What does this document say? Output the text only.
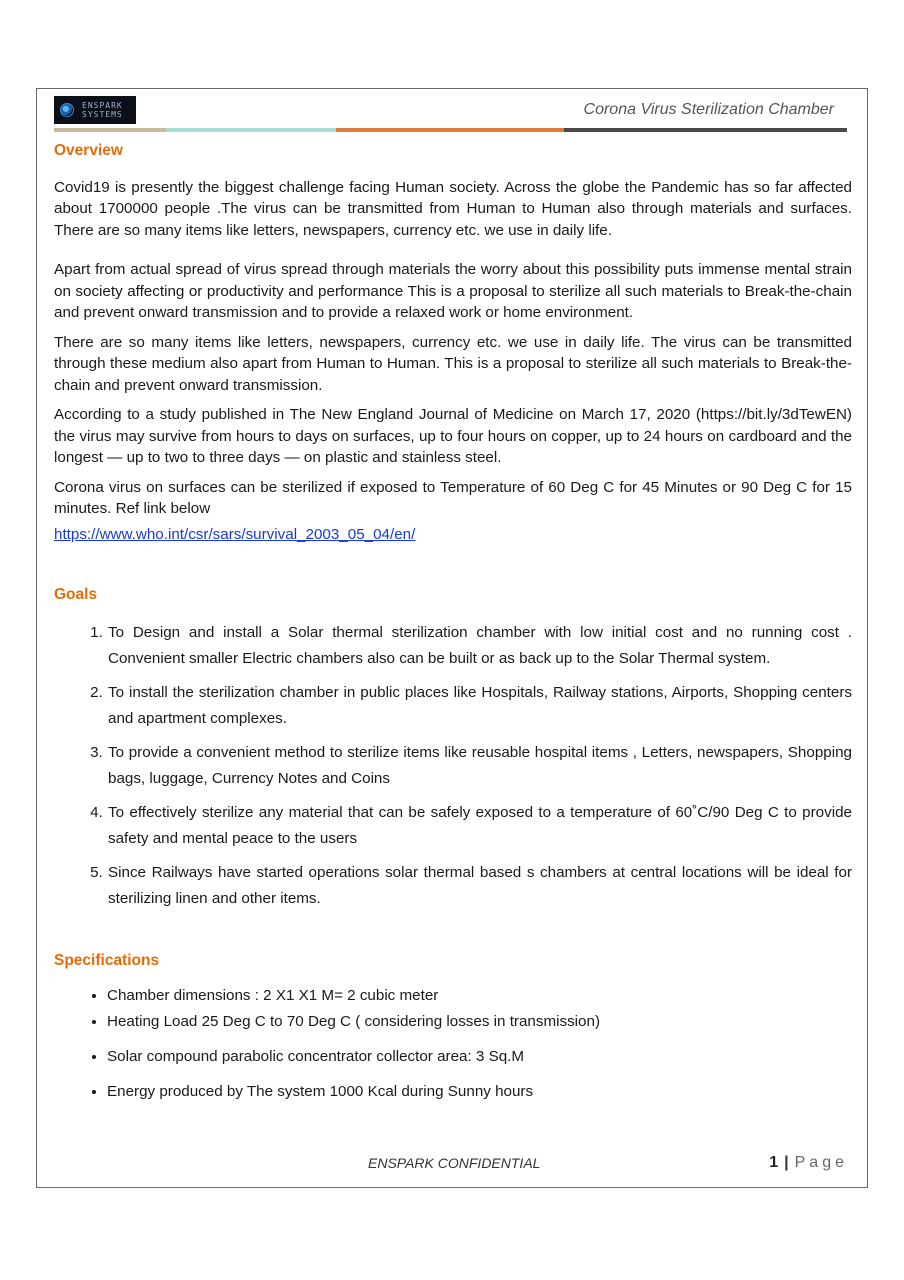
ENSPARK
SYSTEMS	Corona Virus Sterilization Chamber
Overview

Covid19 is presently the biggest challenge facing Human society. Across the globe the Pandemic has so far affected about 1700000 people .The virus can be transmitted from Human to Human also through materials and surfaces. There are so many items like letters, newspapers, currency etc. we use in daily life.

Apart from actual spread of virus spread through materials the worry about this possibility puts immense mental strain on society affecting or productivity and performance This is a proposal to sterilize all such materials to Break-the-chain and prevent onward transmission and to provide a relaxed work or home environment.

There are so many items like letters, newspapers, currency etc. we use in daily life. The virus can be transmitted through these medium also apart from Human to Human. This is a proposal to sterilize all such materials to Break-the-chain and prevent onward transmission.

According to a study published in The New England Journal of Medicine on March 17, 2020 (https://bit.ly/3dTewEN) the virus may survive from hours to days on surfaces, up to four hours on copper, up to 24 hours on cardboard and the longest — up to two to three days — on plastic and stainless steel.

Corona virus on surfaces can be sterilized if exposed to Temperature of 60 Deg C for 45 Minutes or 90 Deg C for 15 minutes. Ref link below

https://www.who.int/csr/sars/survival_2003_05_04/en/

Goals
1. To Design and install a Solar thermal sterilization chamber with low initial cost and no running cost . Convenient smaller Electric chambers also can be built or as back up to the Solar Thermal system.
2. To install the sterilization chamber in public places like Hospitals, Railway stations, Airports, Shopping centers and apartment complexes.
3. To provide a convenient method to sterilize items like reusable hospital items , Letters, newspapers, Shopping bags, luggage, Currency Notes and Coins
4. To effectively sterilize any material that can be safely exposed to a temperature of 60˚C/90 Deg C to provide safety and mental peace to the users
5. Since Railways have started operations solar thermal based s chambers at central locations will be ideal for sterilizing linen and other items.
Specifications
• Chamber dimensions : 2 X1 X1 M= 2 cubic meter
• Heating Load 25 Deg C to 70 Deg C ( considering losses in transmission)
• Solar compound parabolic concentrator collector area: 3 Sq.M
• Energy produced by The system 1000 Kcal during Sunny hours
ENSPARK CONFIDENTIAL	1 | Page
